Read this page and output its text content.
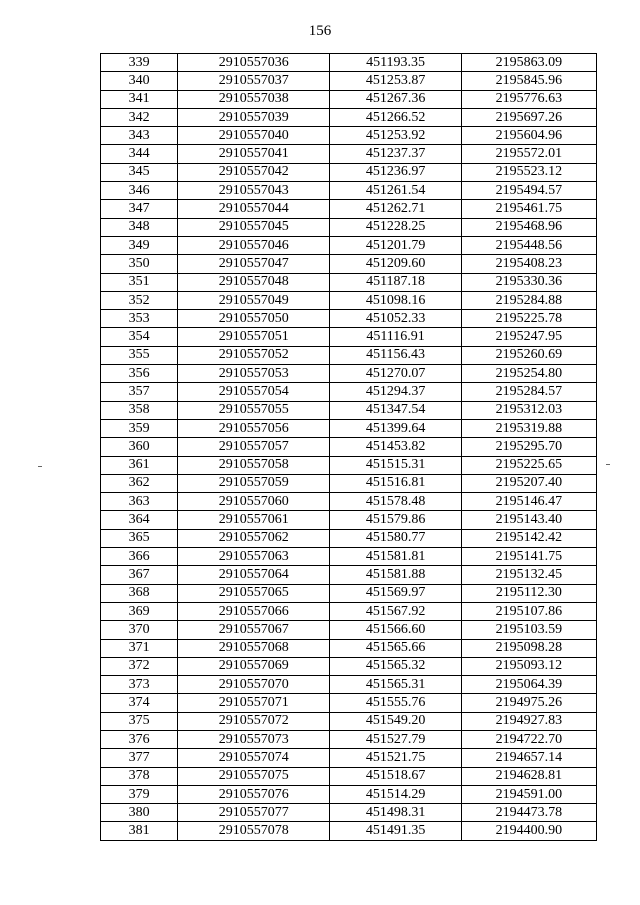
156
339	2910557036	451193.35	2195863.09
340	2910557037	451253.87	2195845.96
341	2910557038	451267.36	2195776.63
342	2910557039	451266.52	2195697.26
343	2910557040	451253.92	2195604.96
344	2910557041	451237.37	2195572.01
345	2910557042	451236.97	2195523.12
346	2910557043	451261.54	2195494.57
347	2910557044	451262.71	2195461.75
348	2910557045	451228.25	2195468.96
349	2910557046	451201.79	2195448.56
350	2910557047	451209.60	2195408.23
351	2910557048	451187.18	2195330.36
352	2910557049	451098.16	2195284.88
353	2910557050	451052.33	2195225.78
354	2910557051	451116.91	2195247.95
355	2910557052	451156.43	2195260.69
356	2910557053	451270.07	2195254.80
357	2910557054	451294.37	2195284.57
358	2910557055	451347.54	2195312.03
359	2910557056	451399.64	2195319.88
360	2910557057	451453.82	2195295.70
361	2910557058	451515.31	2195225.65
362	2910557059	451516.81	2195207.40
363	2910557060	451578.48	2195146.47
364	2910557061	451579.86	2195143.40
365	2910557062	451580.77	2195142.42
366	2910557063	451581.81	2195141.75
367	2910557064	451581.88	2195132.45
368	2910557065	451569.97	2195112.30
369	2910557066	451567.92	2195107.86
370	2910557067	451566.60	2195103.59
371	2910557068	451565.66	2195098.28
372	2910557069	451565.32	2195093.12
373	2910557070	451565.31	2195064.39
374	2910557071	451555.76	2194975.26
375	2910557072	451549.20	2194927.83
376	2910557073	451527.79	2194722.70
377	2910557074	451521.75	2194657.14
378	2910557075	451518.67	2194628.81
379	2910557076	451514.29	2194591.00
380	2910557077	451498.31	2194473.78
381	2910557078	451491.35	2194400.90
